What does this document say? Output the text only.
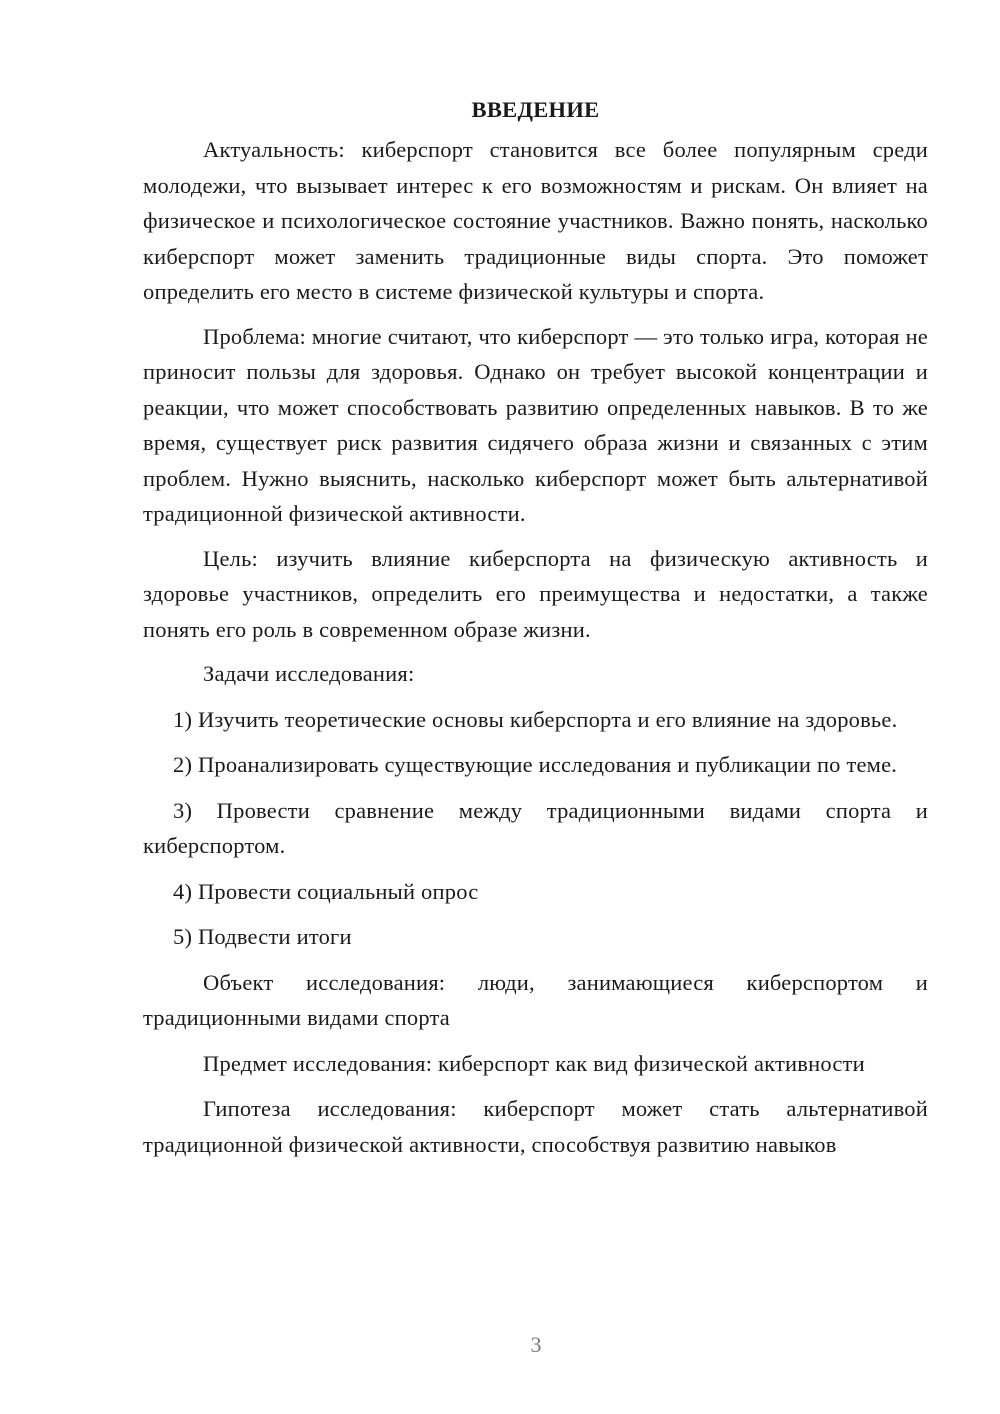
ВВЕДЕНИЕ

Актуальность: киберспорт становится все более популярным среди молодежи, что вызывает интерес к его возможностям и рискам. Он влияет на физическое и психологическое состояние участников. Важно понять, насколько киберспорт может заменить традиционные виды спорта. Это поможет определить его место в системе физической культуры и спорта.

Проблема: многие считают, что киберспорт — это только игра, которая не приносит пользы для здоровья. Однако он требует высокой концентрации и реакции, что может способствовать развитию определенных навыков. В то же время, существует риск развития сидячего образа жизни и связанных с этим проблем. Нужно выяснить, насколько киберспорт может быть альтернативой традиционной физической активности.

Цель: изучить влияние киберспорта на физическую активность и здоровье участников, определить его преимущества и недостатки, а также понять его роль в современном образе жизни.

Задачи исследования:

1) Изучить теоретические основы киберспорта и его влияние на здоровье.

2) Проанализировать существующие исследования и публикации по теме.

3) Провести сравнение между традиционными видами спорта и киберспортом.

4) Провести социальный опрос

5) Подвести итоги

Объект исследования: люди, занимающиеся киберспортом и традиционными видами спорта

Предмет исследования: киберспорт как вид физической активности

Гипотеза исследования: киберспорт может стать альтернативой традиционной физической активности, способствуя развитию навыков

3
